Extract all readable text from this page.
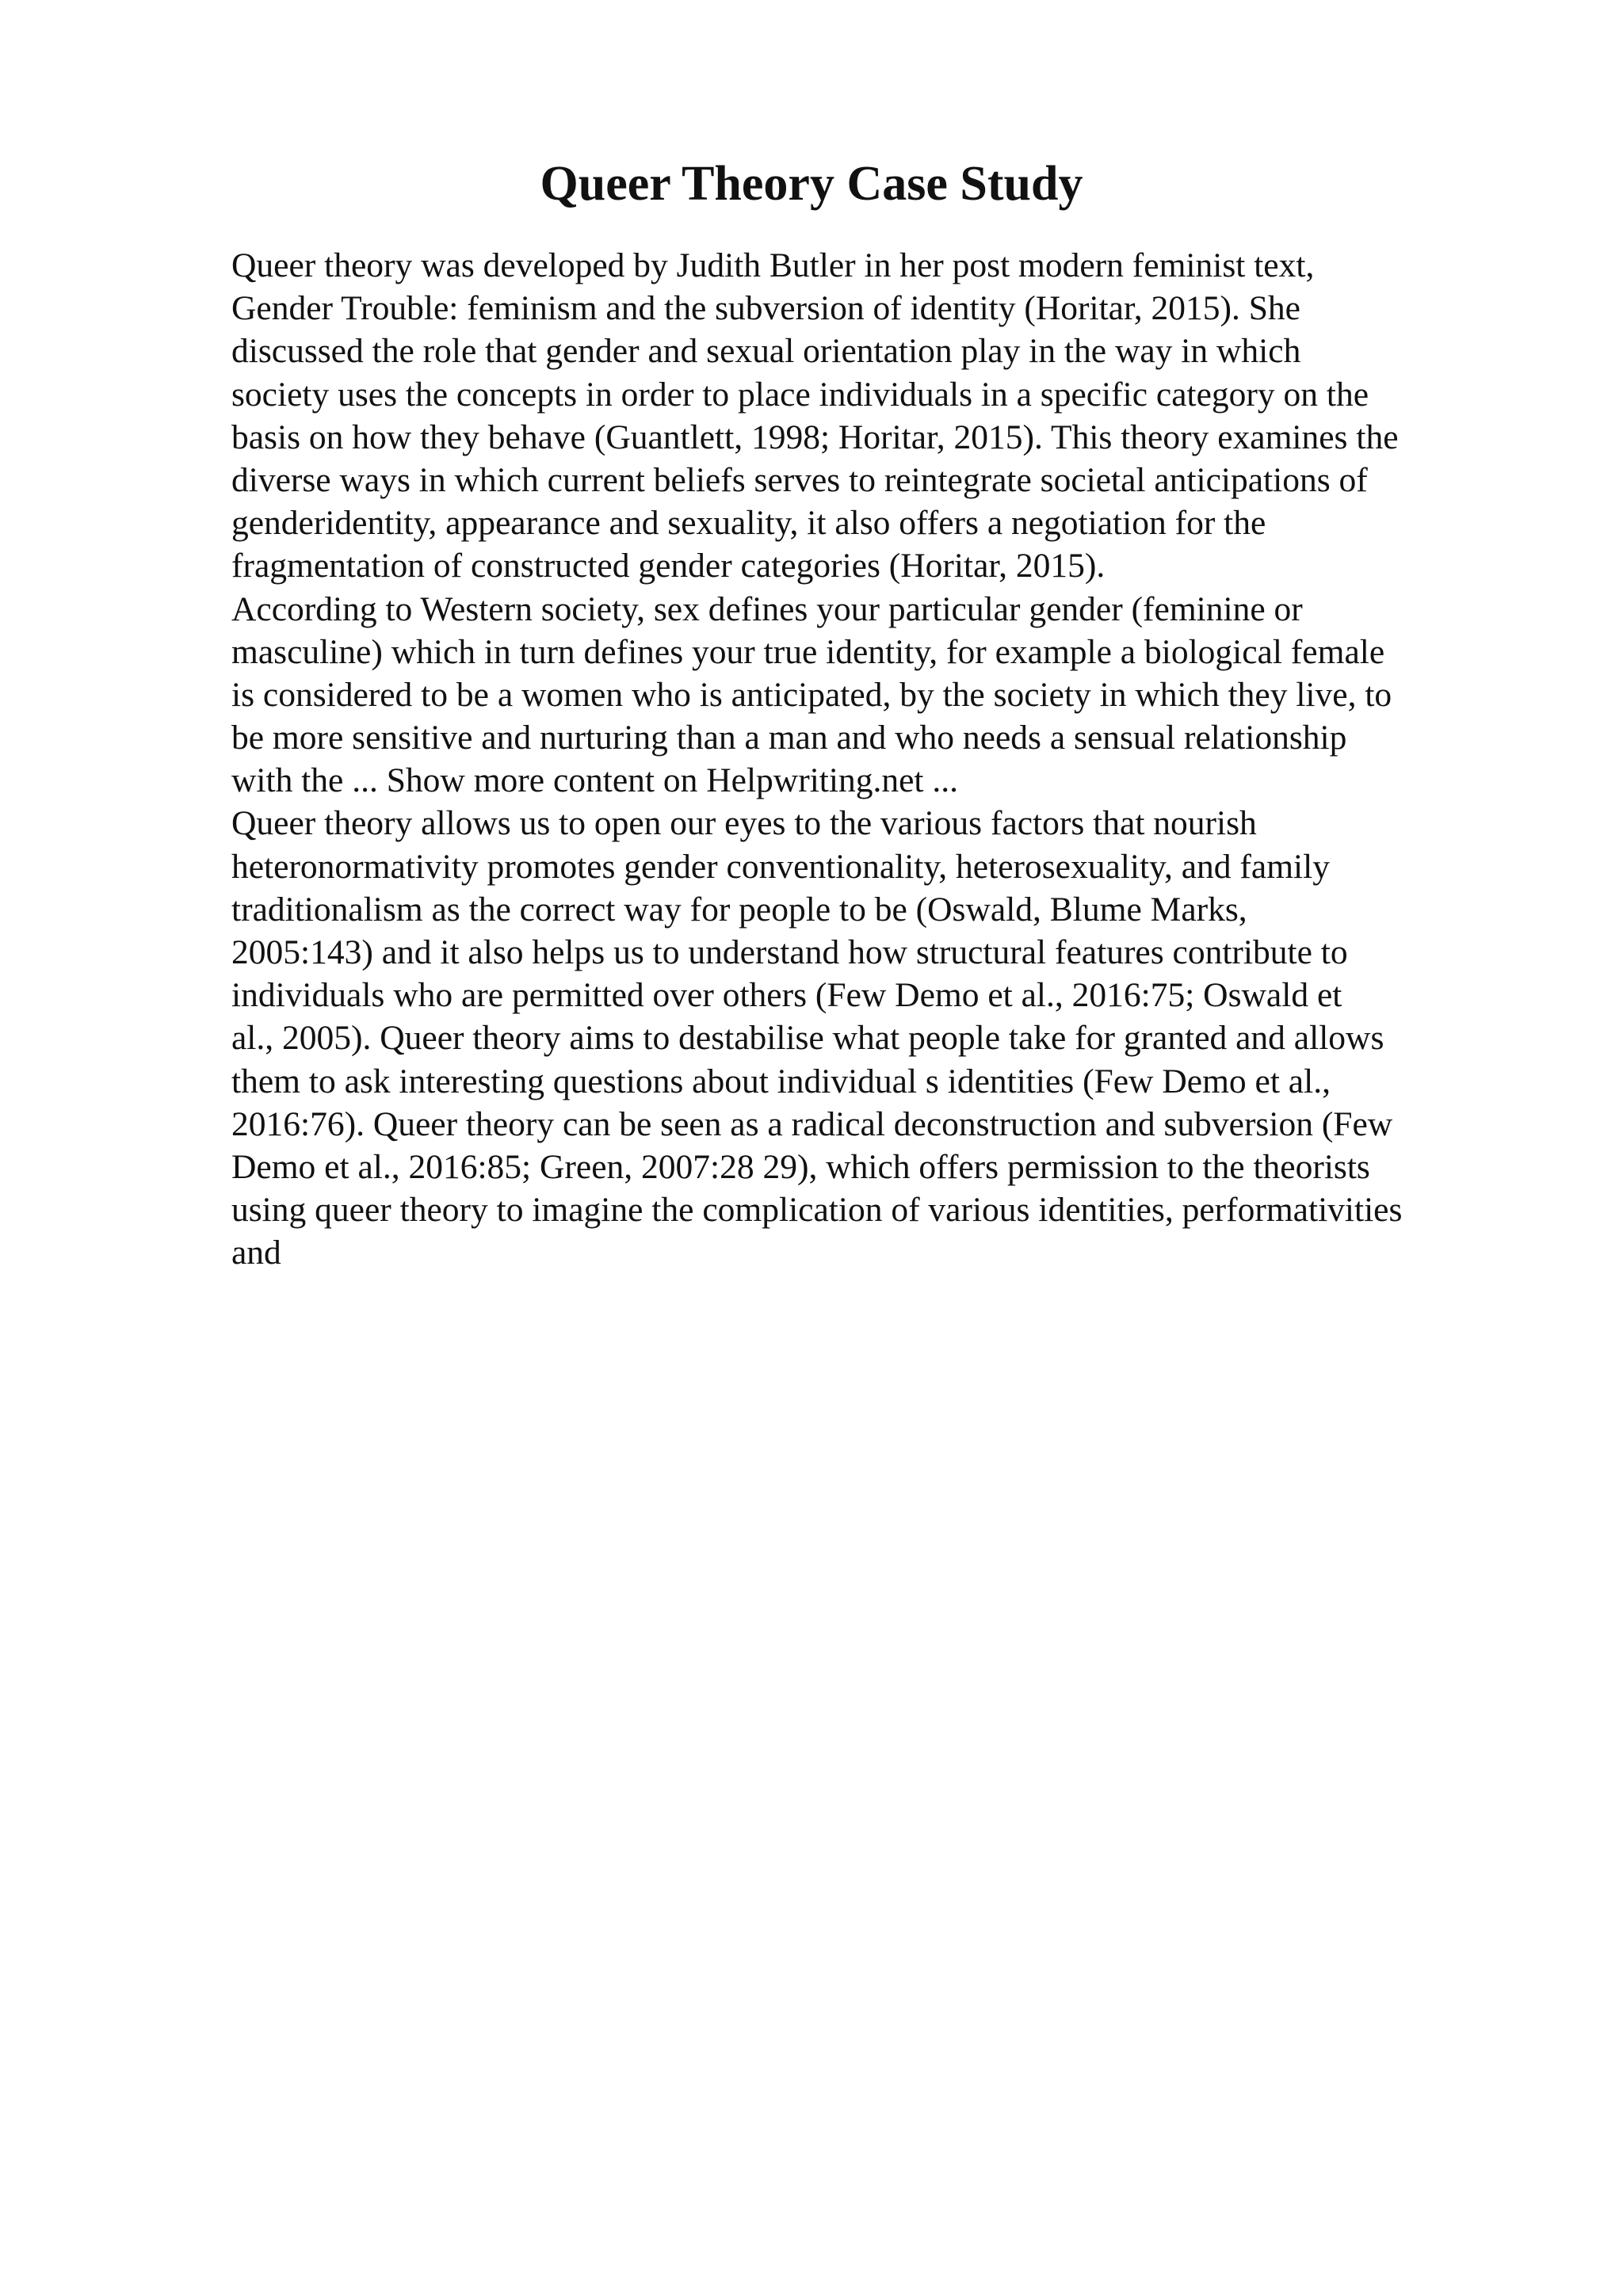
Queer Theory Case Study
Queer theory was developed by Judith Butler in her post modern feminist text,
Gender Trouble: feminism and the subversion of identity (Horitar, 2015). She
discussed the role that gender and sexual orientation play in the way in which
society uses the concepts in order to place individuals in a specific category on the
basis on how they behave (Guantlett, 1998; Horitar, 2015). This theory examines the
diverse ways in which current beliefs serves to reintegrate societal anticipations of
genderidentity, appearance and sexuality, it also offers a negotiation for the
fragmentation of constructed gender categories (Horitar, 2015).
According to Western society, sex defines your particular gender (feminine or
masculine) which in turn defines your true identity, for example a biological female
is considered to be a women who is anticipated, by the society in which they live, to
be more sensitive and nurturing than a man and who needs a sensual relationship
with the ... Show more content on Helpwriting.net ...
Queer theory allows us to open our eyes to the various factors that nourish
heteronormativity promotes gender conventionality, heterosexuality, and family
traditionalism as the correct way for people to be (Oswald, Blume Marks,
2005:143) and it also helps us to understand how structural features contribute to
individuals who are permitted over others (Few Demo et al., 2016:75; Oswald et
al., 2005). Queer theory aims to destabilise what people take for granted and allows
them to ask interesting questions about individual s identities (Few Demo et al.,
2016:76). Queer theory can be seen as a radical deconstruction and subversion (Few
Demo et al., 2016:85; Green, 2007:28 29), which offers permission to the theorists
using queer theory to imagine the complication of various identities, performativities
and
